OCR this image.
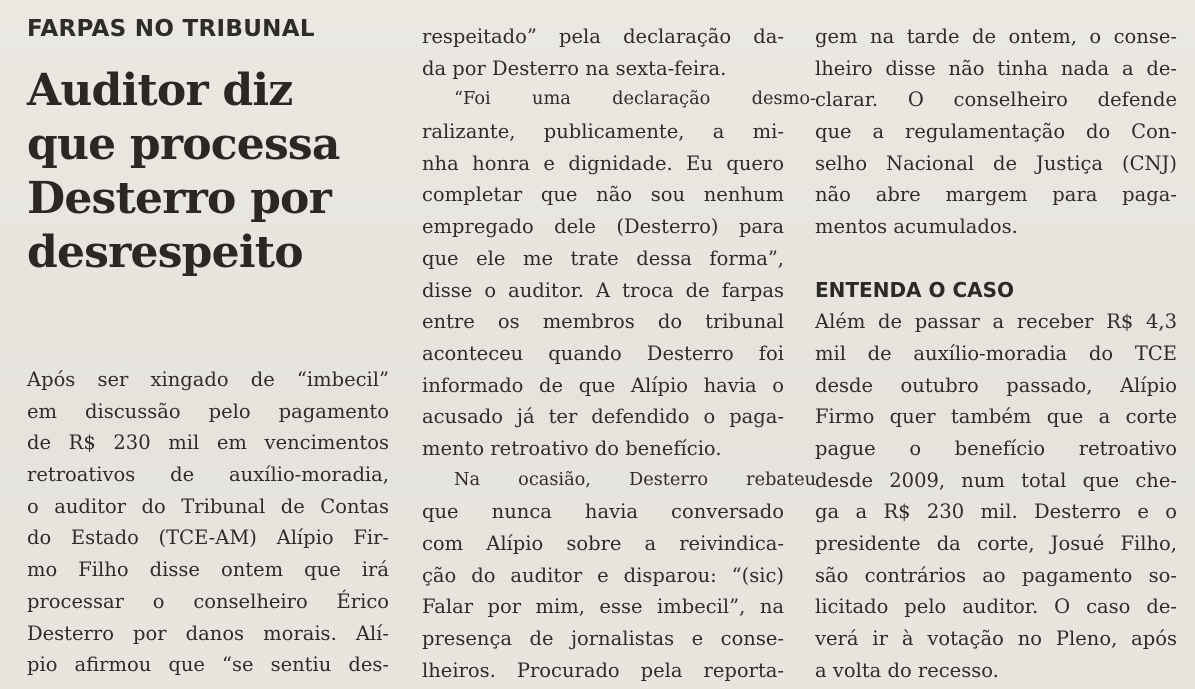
FARPAS NO TRIBUNAL
Auditor diz
que processa
Desterro por
desrespeito
Após ser xingado de “imbecil”
em discussão pelo pagamento
de R$ 230 mil em vencimentos
retroativos de auxílio-moradia,
o auditor do Tribunal de Contas
do Estado (TCE-AM) Alípio Fir-
mo Filho disse ontem que irá
processar o conselheiro Érico
Desterro por danos morais. Alí-
pio afirmou que “se sentiu des-
respeitado” pela declaração da-
da por Desterro na sexta-feira.
“Foi uma declaração desmo-
ralizante, publicamente, a mi-
nha honra e dignidade. Eu quero
completar que não sou nenhum
empregado dele (Desterro) para
que ele me trate dessa forma”,
disse o auditor. A troca de farpas
entre os membros do tribunal
aconteceu quando Desterro foi
informado de que Alípio havia o
acusado já ter defendido o paga-
mento retroativo do benefício.
Na ocasião, Desterro rebateu
que nunca havia conversado
com Alípio sobre a reivindica-
ção do auditor e disparou: “(sic)
Falar por mim, esse imbecil”, na
presença de jornalistas e conse-
lheiros. Procurado pela reporta-
gem na tarde de ontem, o conse-
lheiro disse não tinha nada a de-
clarar. O conselheiro defende
que a regulamentação do Con-
selho Nacional de Justiça (CNJ)
não abre margem para paga-
mentos acumulados.
ENTENDA O CASO
Além de passar a receber R$ 4,3
mil de auxílio-moradia do TCE
desde outubro passado, Alípio
Firmo quer também que a corte
pague o benefício retroativo
desde 2009, num total que che-
ga a R$ 230 mil. Desterro e o
presidente da corte, Josué Filho,
são contrários ao pagamento so-
licitado pelo auditor. O caso de-
verá ir à votação no Pleno, após
a volta do recesso.
